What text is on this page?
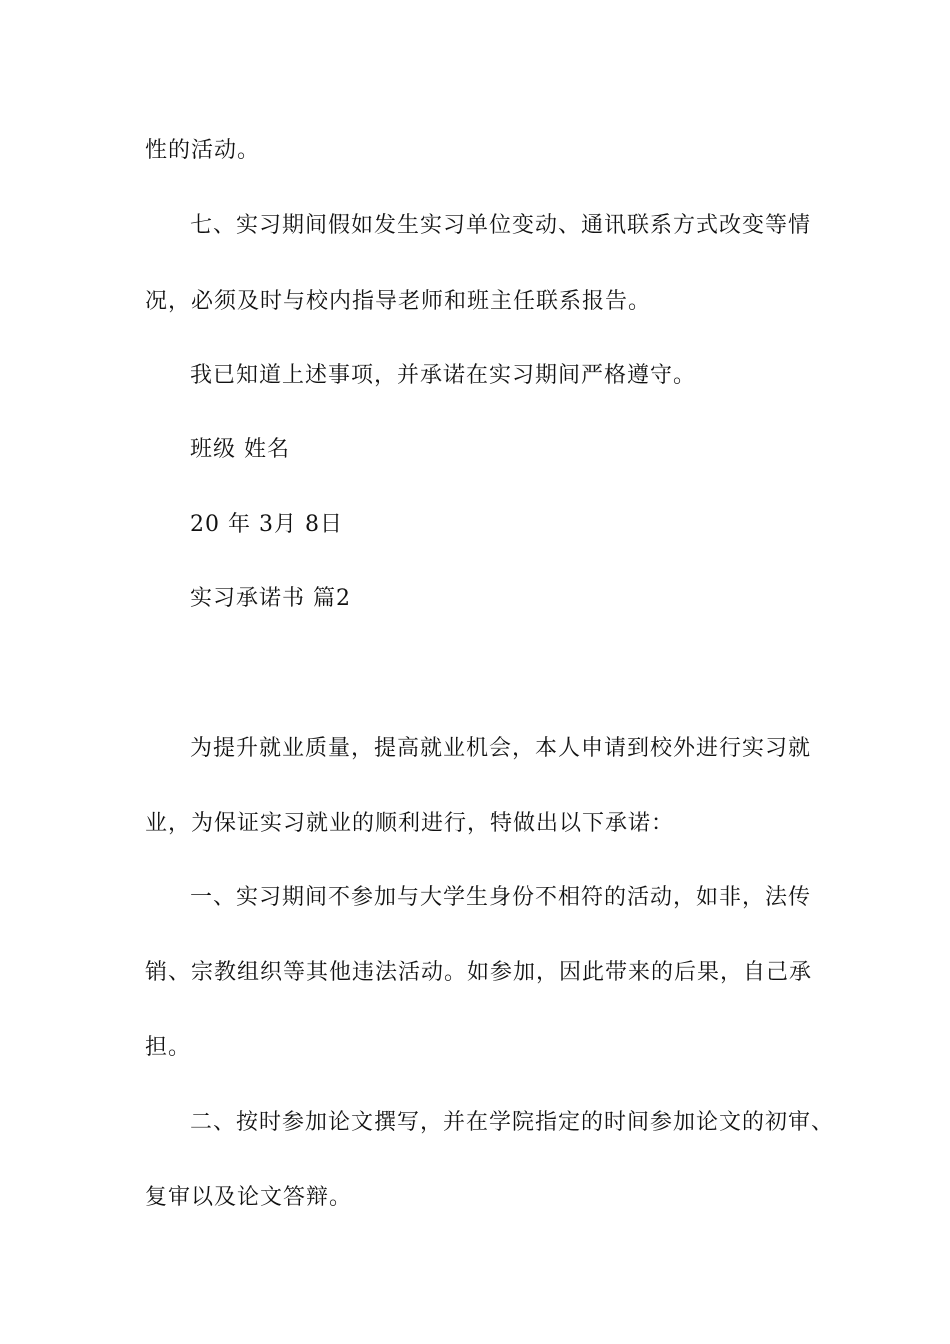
性的活动。
七、实习期间假如发生实习单位变动、通讯联系方式改变等情
况，必须及时与校内指导老师和班主任联系报告。
我已知道上述事项，并承诺在实习期间严格遵守。
班级 姓名
20 年 3月 8日
实习承诺书 篇2
为提升就业质量，提高就业机会，本人申请到校外进行实习就
业，为保证实习就业的顺利进行，特做出以下承诺：
一、实习期间不参加与大学生身份不相符的活动，如非，法传
销、宗教组织等其他违法活动。如参加，因此带来的后果，自己承
担。
二、按时参加论文撰写，并在学院指定的时间参加论文的初审、
复审以及论文答辩。
